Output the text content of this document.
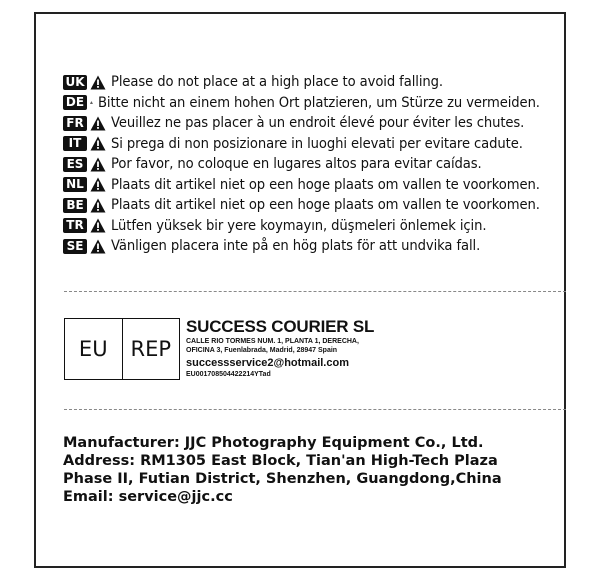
UK Please do not place at a high place to avoid falling.
DE Bitte nicht an einem hohen Ort platzieren, um Stürze zu vermeiden.
FR Veuillez ne pas placer à un endroit élevé pour éviter les chutes.
IT	Si prega di non posizionare in luoghi elevati per evitare cadute.
ES Por favor, no coloque en lugares altos para evitar caídas.
NL Plaats dit artikel niet op een hoge plaats om vallen te voorkomen.
BE Plaats dit artikel niet op een hoge plaats om vallen te voorkomen.
TR Lütfen yüksek bir yere koymayın, düşmeleri önlemek için.
SE Vänligen placera inte på en hög plats för att undvika fall.
EU	REP
SUCCESS COURIER SL
CALLE RIO TORMES NUM. 1, PLANTA 1, DERECHA,
OFICINA 3, Fuenlabrada, Madrid, 28947 Spain
successservice2@hotmail.com
EU001708504422214YTad
Manufacturer: JJC Photography Equipment Co., Ltd.
Address: RM1305 East Block, Tian'an High-Tech Plaza
Phase II, Futian District, Shenzhen, Guangdong,China
Email: service@jjc.cc
